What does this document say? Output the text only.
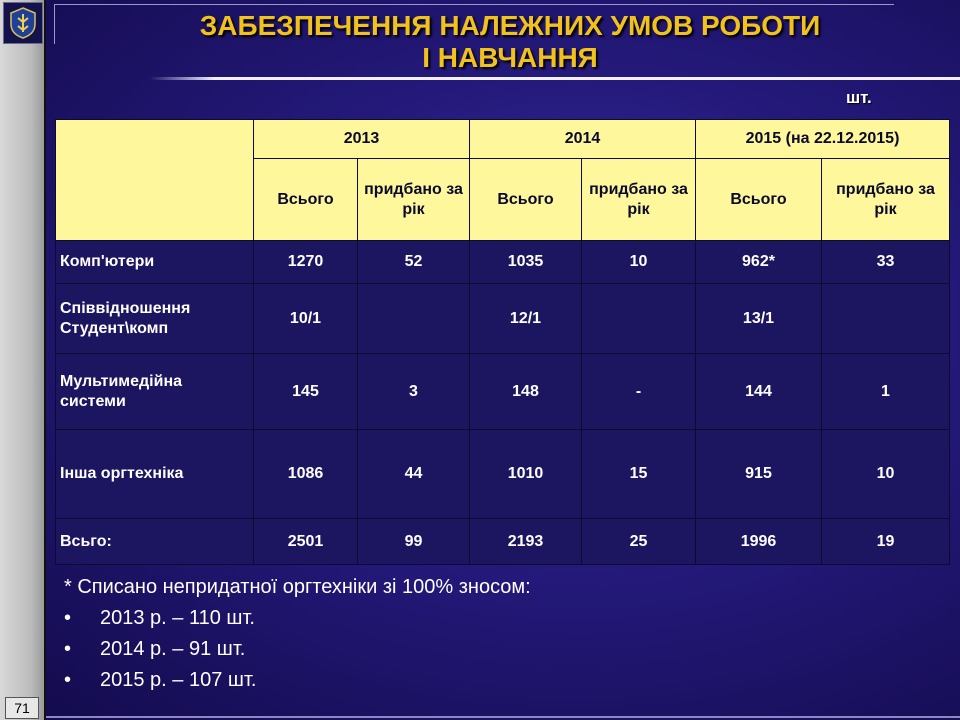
ЗАБЕЗПЕЧЕННЯ НАЛЕЖНИХ УМОВ РОБОТИ

І НАВЧАННЯ

шт.
	2013		2014		2015 (на 22.12.2015)	
	Всього	придбано за рік	Всього	придбано за рік	Всього	придбано за рік
Комп'ютери	1270	52	1035	10	962*	33
Співвідношення Студент\комп	10/1		12/1		13/1	
Мультимедійна системи	145	3	148	-	144	1
Інша оргтехніка	1086	44	1010	15	915	10
Всьго:	2501	99	2193	25	1996	19
* Списано непридатної оргтехніки зі 100% зносом:
•	2013 р. – 110 шт.
•	2014 р. – 91 шт.
•	2015 р. – 107 шт.
71
